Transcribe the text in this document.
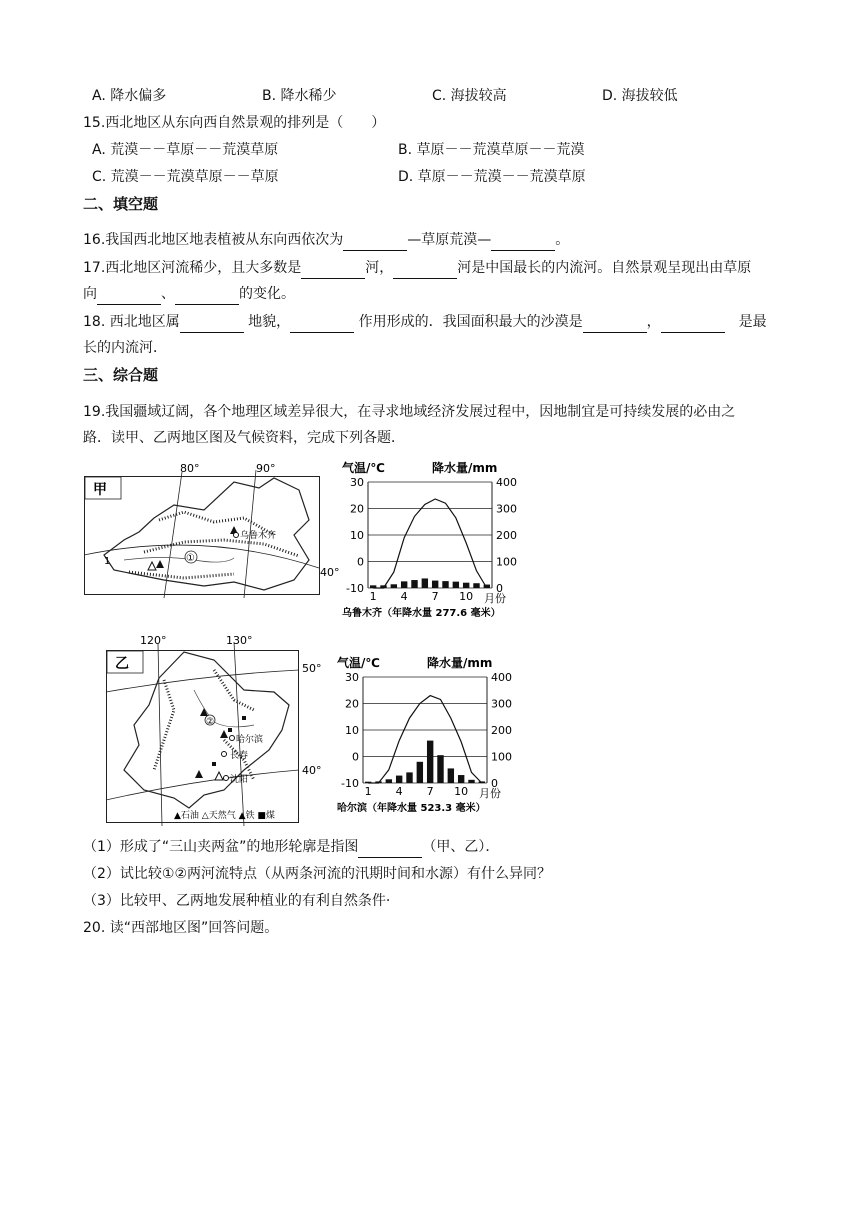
A. 降水偏多	B. 降水稀少	C. 海拔较高	D. 海拔较低
15.西北地区从东向西自然景观的排列是（　　）
A. 荒漠－－草原－－荒漠草原	B. 草原－－荒漠草原－－荒漠
C. 荒漠－－荒漠草原－－草原	D. 草原－－荒漠－－荒漠草原
二、填空题
16.我国西北地区地表植被从东向西依次为	—草原荒漠—	。
17.西北地区河流稀少，且大多数是	河，	河是中国最长的内流河。自然景观呈现出由草原
向	、	的变化。
18. 西北地区属	地貌，	作用形成的．我国面积最大的沙漠是	，	　是最
长的内流河．
三、综合题
19.我国疆域辽阔，各个地理区域差异很大，在寻求地域经济发展过程中，因地制宜是可持续发展的必由之
路．读甲、乙两地区图及气候资料，完成下列各题．
①
甲
80°	90°
40°
乌鲁木齐
1
气温/℃	降水量/mm
30
20
10
0
-10
400
300
200
100
0
1 4 7 10 月份
乌鲁木齐（年降水量 277.6 毫米）
②
乙
120°	130°
50°
40°
哈尔滨
长春
沈阳
▲石油 △天然气 ▲铁 ■煤
气温/℃	降水量/mm
30
20
10
0
-10
400
300
200
100
0
1 4 7 10 月份
哈尔滨（年降水量 523.3 毫米）
（1）形成了“三山夹两盆”的地形轮廓是指图	（甲、乙）．
（2）试比较①②两河流特点（从两条河流的汛期时间和水源）有什么异同？
（3）比较甲、乙两地发展种植业的有利自然条件·
20. 读“西部地区图”回答问题。
